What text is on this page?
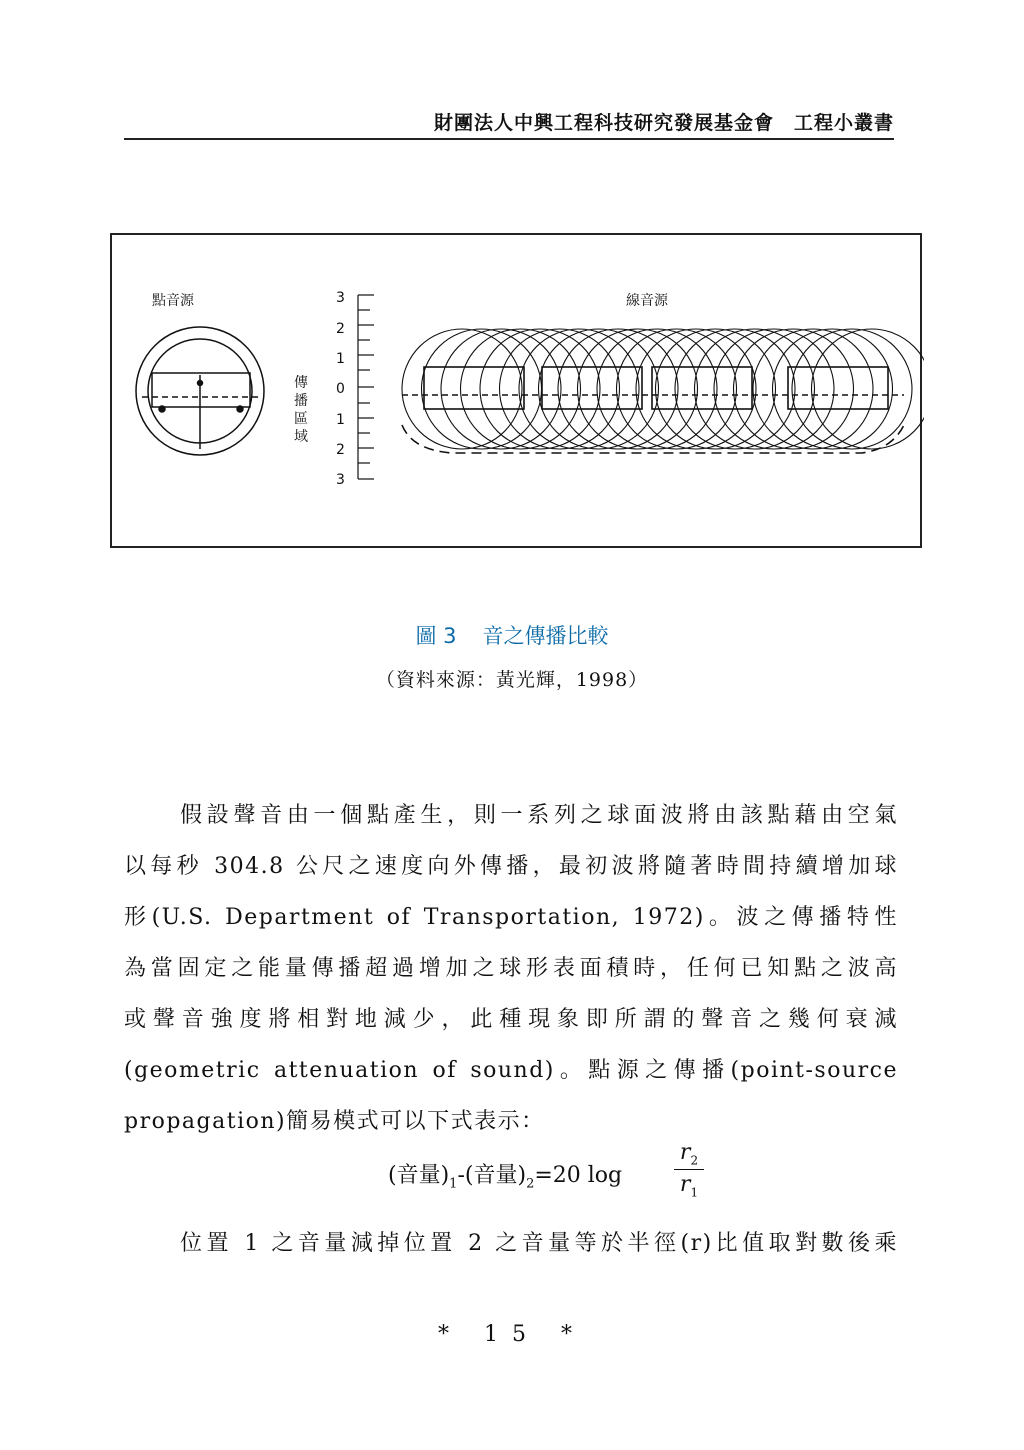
財團法人中興工程科技研究發展基金會　工程小叢書
點音源	線音源
傳
播
區
域
3
2
1
0
1
2
3
圖 3 音之傳播比較
（資料來源：黃光輝，1998）
假設聲音由一個點產生，則一系列之球面波將由該點藉由空氣
以每秒 304.8 公尺之速度向外傳播，最初波將隨著時間持續增加球
形(U.S. Department of Transportation, 1972)。波之傳播特性
為當固定之能量傳播超過增加之球形表面積時，任何已知點之波高
或聲音強度將相對地減少，此種現象即所謂的聲音之幾何衰減
(geometric attenuation of sound)。點源之傳播(point-source
propagation)簡易模式可以下式表示：
(音量)$_1-$(音量)$_2=20$ $\log \frac{r_2}{r_1}$
位置 1 之音量減掉位置 2 之音量等於半徑(r)比值取對數後乘
* 15 *
